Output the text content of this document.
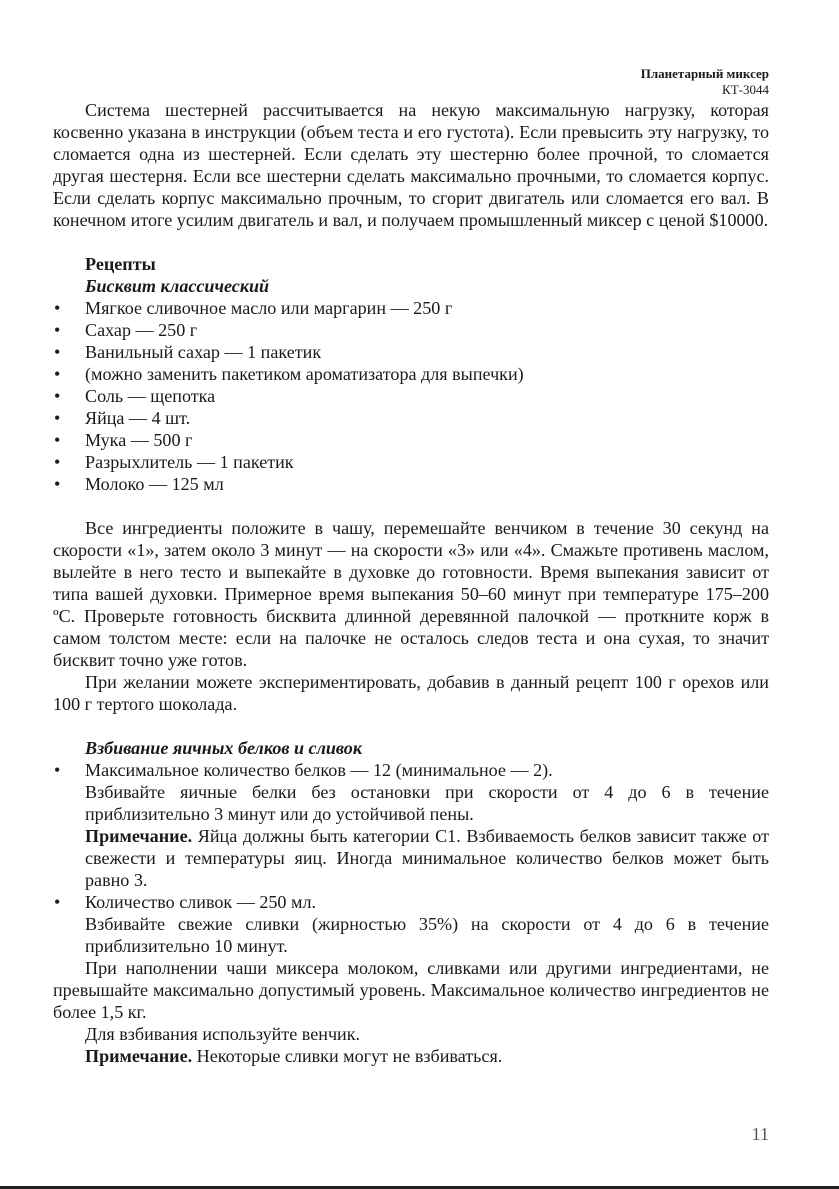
Планетарный миксер
КТ-3044

Система шестерней рассчитывается на некую максимальную нагрузку, которая косвенно указана в инструкции (объем теста и его густота). Если превысить эту нагрузку, то сломается одна из шестерней. Если сделать эту шестерню более прочной, то сломается другая шестерня. Если все шестерни сделать максимально прочными, то сломается корпус. Если сделать корпус максимально прочным, то сгорит двигатель или сломается его вал. В конечном итоге усилим двигатель и вал, и получаем промышленный миксер с ценой $10000.

Рецепты
Бисквит классический
• Мягкое сливочное масло или маргарин — 250 г
• Сахар — 250 г
• Ванильный сахар — 1 пакетик
• (можно заменить пакетиком ароматизатора для выпечки)
• Соль — щепотка
• Яйца — 4 шт.
• Мука — 500 г
• Разрыхлитель — 1 пакетик
• Молоко — 125 мл

Все ингредиенты положите в чашу, перемешайте венчиком в течение 30 секунд на скорости «1», затем около 3 минут — на скорости «3» или «4». Смажьте противень маслом, вылейте в него тесто и выпекайте в духовке до готовности. Время выпекания зависит от типа вашей духовки. Примерное время выпекания 50–60 минут при температуре 175–200 ºС. Проверьте готовность бисквита длинной деревянной палочкой — проткните корж в самом толстом месте: если на палочке не осталось следов теста и она сухая, то значит бисквит точно уже готов.

При желании можете экспериментировать, добавив в данный рецепт 100 г орехов или 100 г тертого шоколада.

Взбивание яичных белков и сливок
• Максимальное количество белков — 12 (минимальное — 2).
Взбивайте яичные белки без остановки при скорости от 4 до 6 в течение приблизительно 3 минут или до устойчивой пены.
Примечание. Яйца должны быть категории С1. Взбиваемость белков зависит также от свежести и температуры яиц. Иногда минимальное количество белков может быть равно 3.
• Количество сливок — 250 мл.
Взбивайте свежие сливки (жирностью 35%) на скорости от 4 до 6 в течение приблизительно 10 минут.

При наполнении чаши миксера молоком, сливками или другими ингредиентами, не превышайте максимально допустимый уровень. Максимальное количество ингредиентов не более 1,5 кг.

Для взбивания используйте венчик.

Примечание. Некоторые сливки могут не взбиваться.

11
